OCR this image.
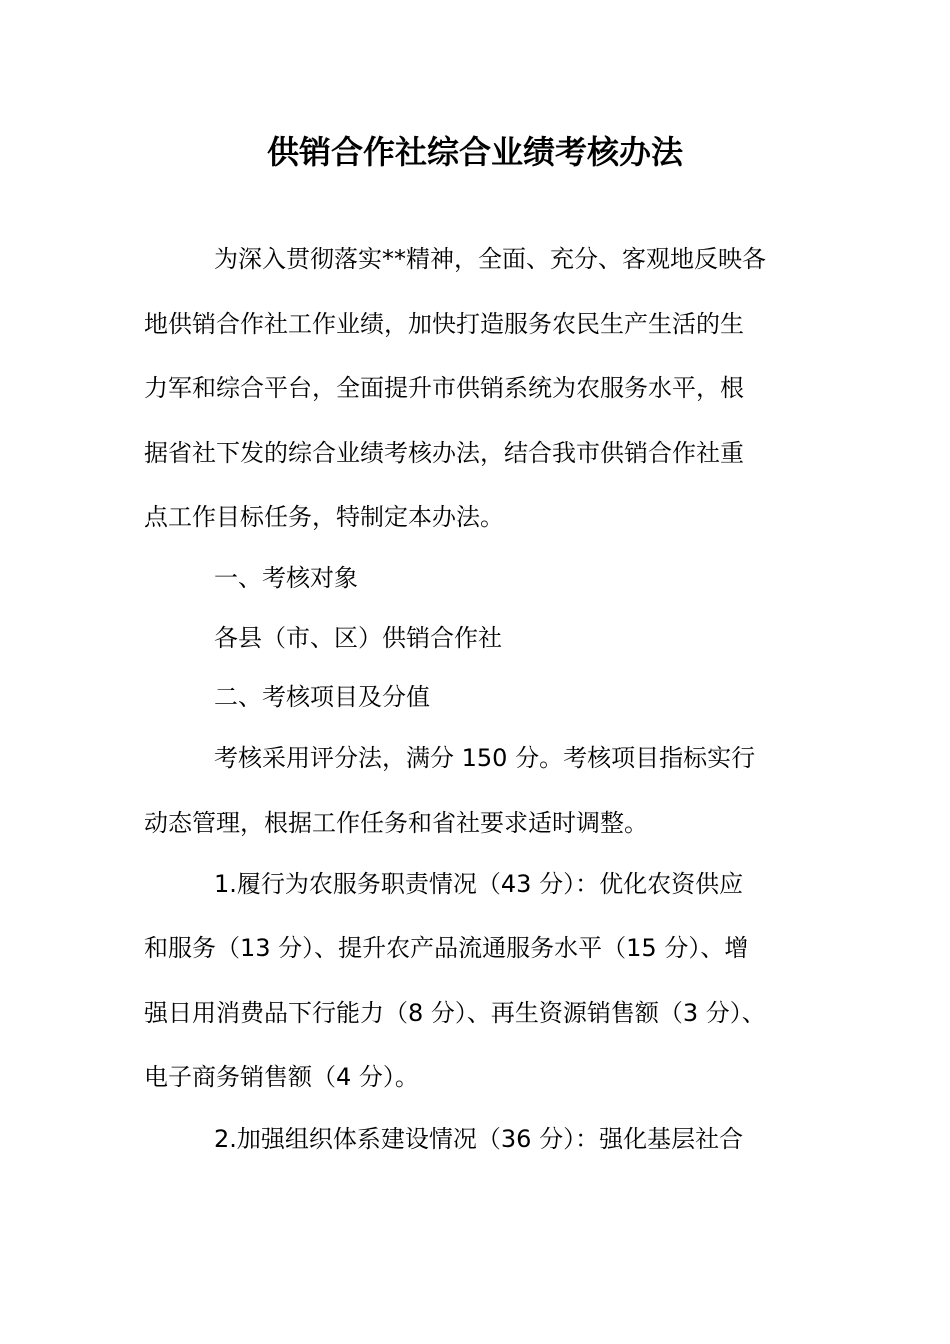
供销合作社综合业绩考核办法
为深入贯彻落实**精神，全面、充分、客观地反映各
地供销合作社工作业绩，加快打造服务农民生产生活的生
力军和综合平台，全面提升市供销系统为农服务水平，根
据省社下发的综合业绩考核办法，结合我市供销合作社重
点工作目标任务，特制定本办法。
一、考核对象
各县（市、区）供销合作社
二、考核项目及分值
考核采用评分法，满分 150 分。考核项目指标实行
动态管理，根据工作任务和省社要求适时调整。
1.履行为农服务职责情况（43 分）：优化农资供应
和服务（13 分）、提升农产品流通服务水平（15 分）、增
强日用消费品下行能力（8 分）、再生资源销售额（3 分）、
电子商务销售额（4 分）。
2.加强组织体系建设情况（36 分）：强化基层社合
